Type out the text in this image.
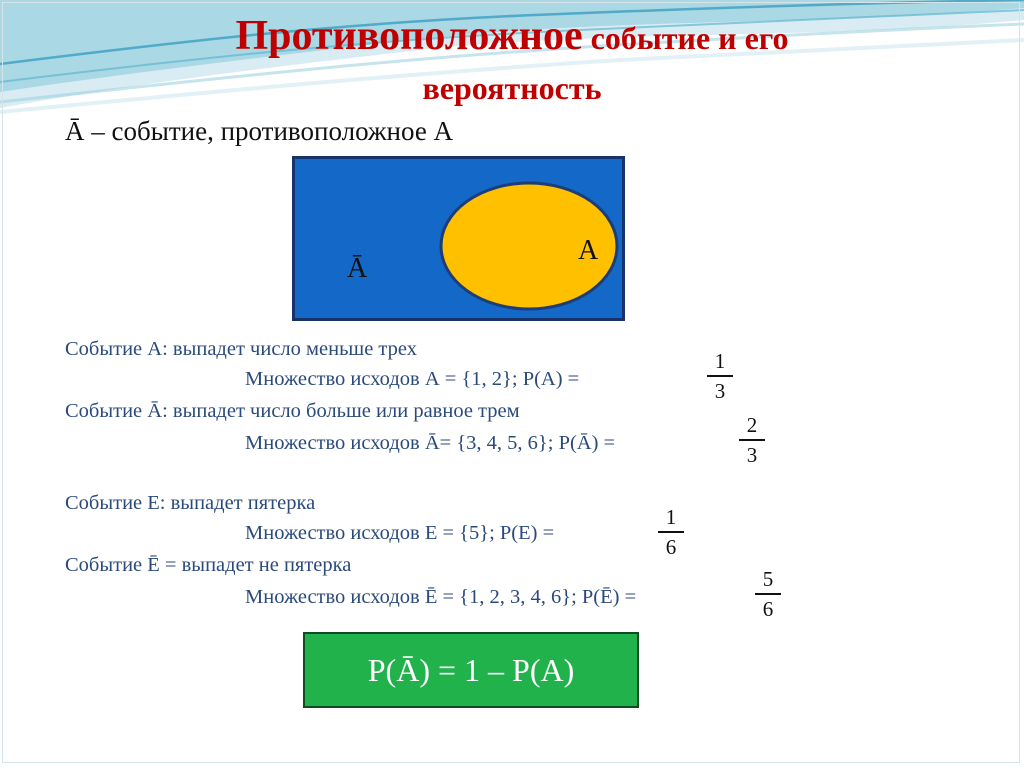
Противоположное событие и его
вероятность
Ā – событие, противоположное А
Ā
А
Событие А: выпадет число меньше трех
Множество исходов А = {1, 2}; Р(А) =
1
3
Событие Ā: выпадет число больше или равное трем
Множество исходов Ā= {3, 4, 5, 6}; Р(Ā) =
2
3
Событие Е: выпадет пятерка
Множество исходов Е = {5}; Р(Е) =
1
6
Событие Ē = выпадет не пятерка
Множество исходов Ē = {1, 2, 3, 4, 6}; Р(Ē) =
5
6
Р(Ā) = 1 – Р(А)
